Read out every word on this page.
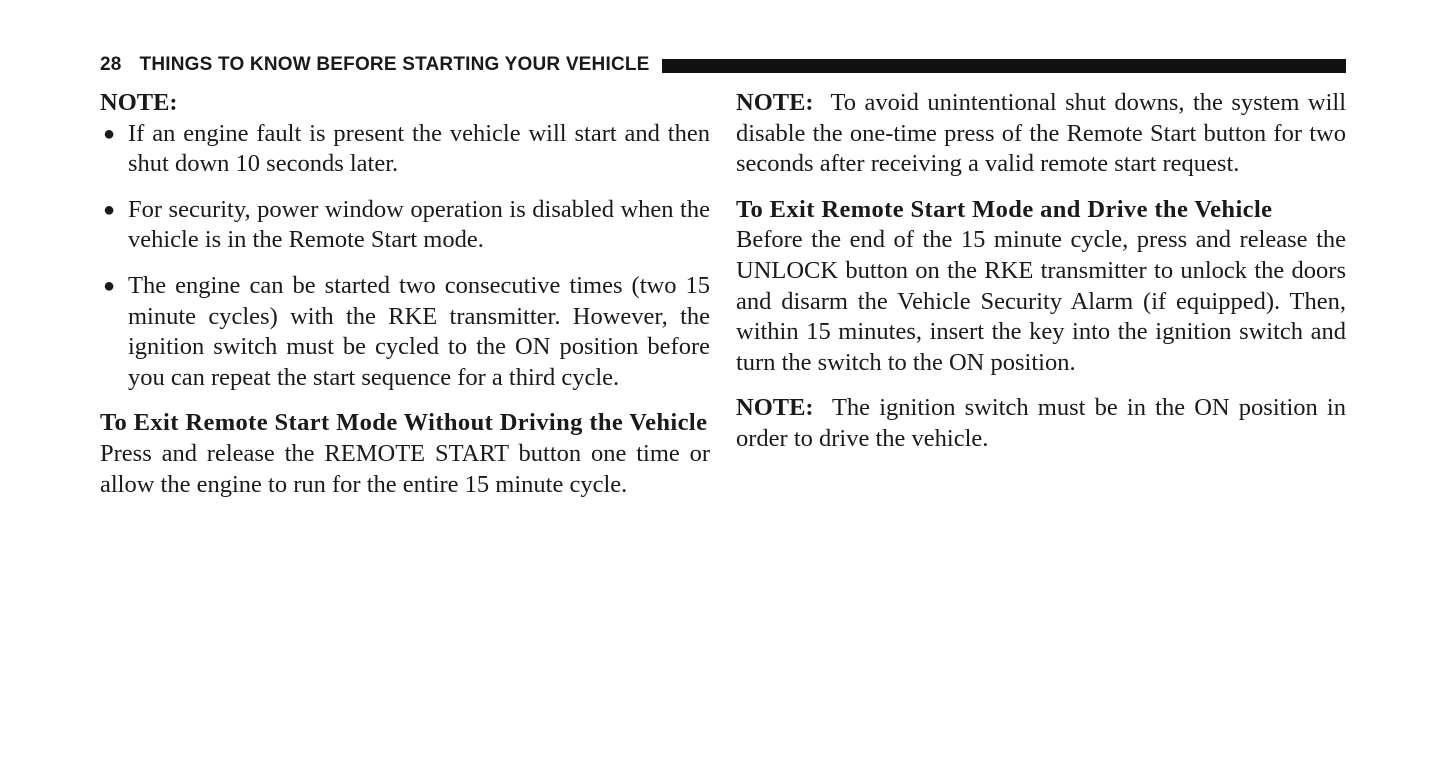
28 THINGS TO KNOW BEFORE STARTING YOUR VEHICLE

NOTE:

● If an engine fault is present the vehicle will start and then shut down 10 seconds later.
● For security, power window operation is disabled when the vehicle is in the Remote Start mode.
● The engine can be started two consecutive times (two 15 minute cycles) with the RKE transmitter. However, the ignition switch must be cycled to the ON position before you can repeat the start sequence for a third cycle.

To Exit Remote Start Mode Without Driving the Vehicle

Press and release the REMOTE START button one time or allow the engine to run for the entire 15 minute cycle.

NOTE: To avoid unintentional shut downs, the system will disable the one-time press of the Remote Start button for two seconds after receiving a valid remote start request.

To Exit Remote Start Mode and Drive the Vehicle

Before the end of the 15 minute cycle, press and release the UNLOCK button on the RKE transmitter to unlock the doors and disarm the Vehicle Security Alarm (if equipped). Then, within 15 minutes, insert the key into the ignition switch and turn the switch to the ON position.

NOTE: The ignition switch must be in the ON position in order to drive the vehicle.
